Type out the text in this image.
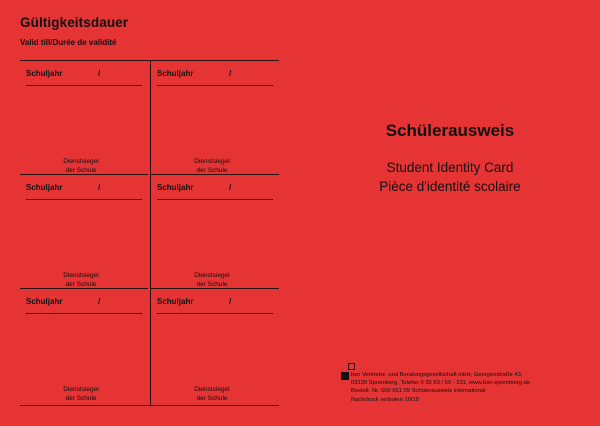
Gültigkeitsdauer
Valid till/Durée de validité
Schuljahr	/
Dienstsiegel
der Schule
Schuljahr	/
Dienstsiegel
der Schule
Schuljahr	/
Dienstsiegel
der Schule
Schuljahr	/
Dienstsiegel
der Schule
Schuljahr	/
Dienstsiegel
der Schule
Schuljahr	/
Dienstsiegel
der Schule
Schülerausweis
Student Identity Card
Pièce d'identité scolaire
bsn Vertriebs- und Beratungsgesellschaft mbH, Georgenstraße 43,
03130 Spremberg, Telefax 0 35 63 / 59 - 231, www.bsn-spremberg.de
Bestell- Nr. 500 651 09 Schülerausweis international
Nachdruck verboten 10/19
